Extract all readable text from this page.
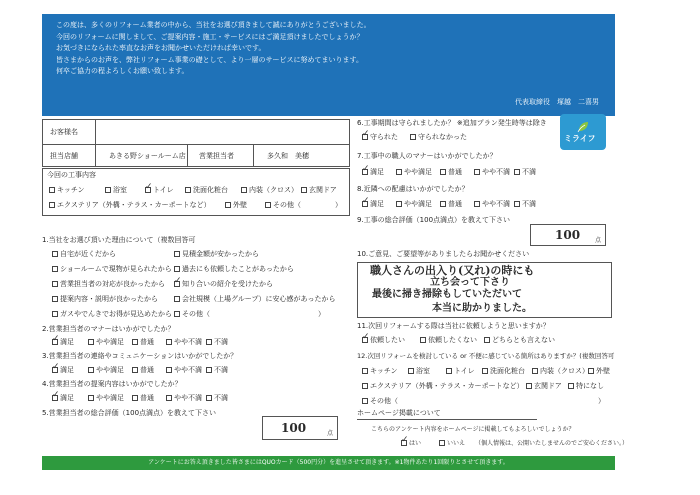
この度は、多くのリフォーム業者の中から、当社をお選び頂きまして誠にありがとうございました。
今回のリフォームに関しまして、ご提案内容・施工・サービスにはご満足頂けましたでしょうか？
お気づきになられた率直なお声をお聞かせいただければ幸いです。
皆さまからのお声を、弊社リフォーム事業の礎として、より一層のサービスに努めてまいります。
何卒ご協力の程よろしくお願い致します。
代表取締役　塚越　二喜男
ミライフ
お客様名
担当店舗	あきる野ショールーム店 営業担当者	多久和　美穂
今回の工事内容
キッチン	浴室
✓	トイレ	洗面化粧台	内装（クロス）	玄関ドア
エクステリア（外構・テラス・カーポートなど）	外壁	その他（	）
1.当社をお選び頂いた理由について（複数回答可
自宅が近くだから
ショールームで現物が見られたから
営業担当者の対応が良かったから
提案内容・説明が良かったから
ガスやでんきでお得が見込めたから
見積金額が安かったから
過去にも依頼したことがあったから
✓知り合いの紹介を受けたから
会社規模（上場グループ）に安心感があったから
その他（	）
2.営業担当者のマナーはいかがでしたか？
✓満足	やや満足	普通	やや不満	不満
3.営業担当者の連絡やコミュニケーションはいかがでしたか？
✓満足	やや満足	普通	やや不満	不満
4.営業担当者の提案内容はいかがでしたか？
✓満足	やや満足	普通	やや不満	不満
5.営業担当者の総合評価（100点満点）を教えて下さい
100	点
6.工事期間は守られましたか？ ※追加プラン発生時等は除き
✓守られた	守られなかった
7.工事中の職人のマナーはいかがでしたか？
✓満足	やや満足	普通	やや不満	不満
8.近隣への配慮はいかがでしたか？
✓満足	やや満足	普通	やや不満	不満
9.工事の総合評価（100点満点）を教えて下さい
100 点
10.ご意見、ご要望等がありましたらお聞かせください
職人さんの出入り(又れ)の時にも
立ち会って下さり
最後に掃き掃除もしていただいて
本当に助かりました。
11.次回リフォームする際は当社に依頼しようと思いますか？
✓依頼したい	依頼したくない	どちらとも言えない
12.次回リフォームを検討している or 不便に感じている箇所はありますか？(複数回答可
キッチン	浴室	トイレ	洗面化粧台	内装（クロス）	外壁
エクステリア（外構・テラス・カーポートなど）	玄関ドア	特になし
その他（	）
ホームページ掲載について
こちらのアンケート内容をホームページに掲載してもよろしいでしょうか？
✓はい	いいえ （個人情報は、公開いたしませんのでご安心ください。）
アンケートにお答え頂きました皆さまにはQUOカード（500円分）を進呈させて頂きます。※1物件あたり1回限りとさせて頂きます。
